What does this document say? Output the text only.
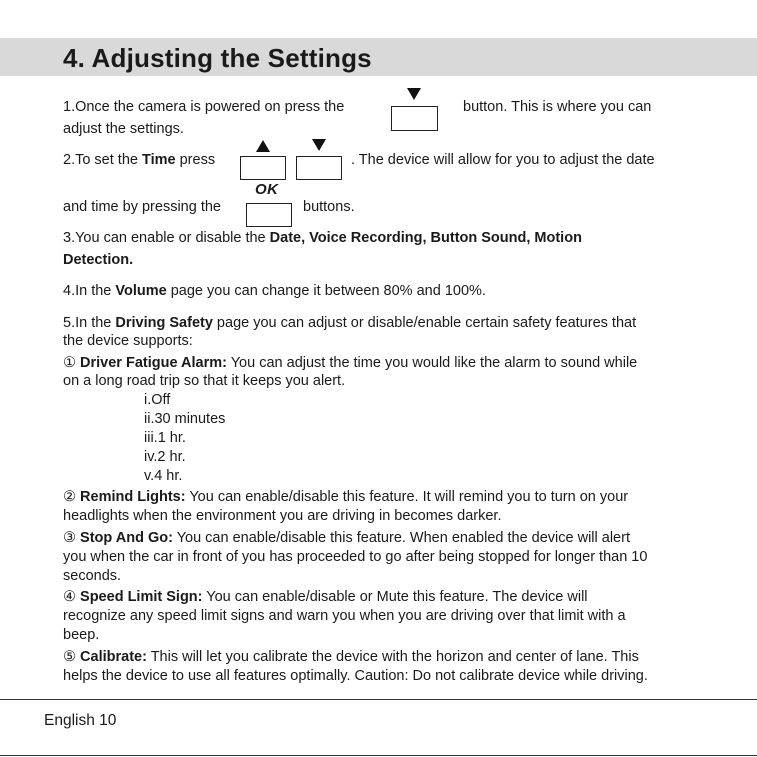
4. Adjusting the Settings
1.Once the camera is powered on press the	button. This is where you can
adjust the settings.
2.To set the Time press	. The device will allow for you to adjust the date
OK
and time by pressing the	buttons.
3.You can enable or disable the Date, Voice Recording, Button Sound, Motion
Detection.
4.In the Volume page you can change it between 80% and 100%.
5.In the Driving Safety page you can adjust or disable/enable certain safety features that
the device supports:
① Driver Fatigue Alarm: You can adjust the time you would like the alarm to sound while
on a long road trip so that it keeps you alert.
i.Off
ii.30 minutes
iii.1 hr.
iv.2 hr.
v.4 hr.
② Remind Lights: You can enable/disable this feature. It will remind you to turn on your
headlights when the environment you are driving in becomes darker.
③ Stop And Go: You can enable/disable this feature. When enabled the device will alert
you when the car in front of you has proceeded to go after being stopped for longer than 10
seconds.
④ Speed Limit Sign: You can enable/disable or Mute this feature. The device will
recognize any speed limit signs and warn you when you are driving over that limit with a
beep.
⑤ Calibrate: This will let you calibrate the device with the horizon and center of lane. This
helps the device to use all features optimally. Caution: Do not calibrate device while driving.
English 10
